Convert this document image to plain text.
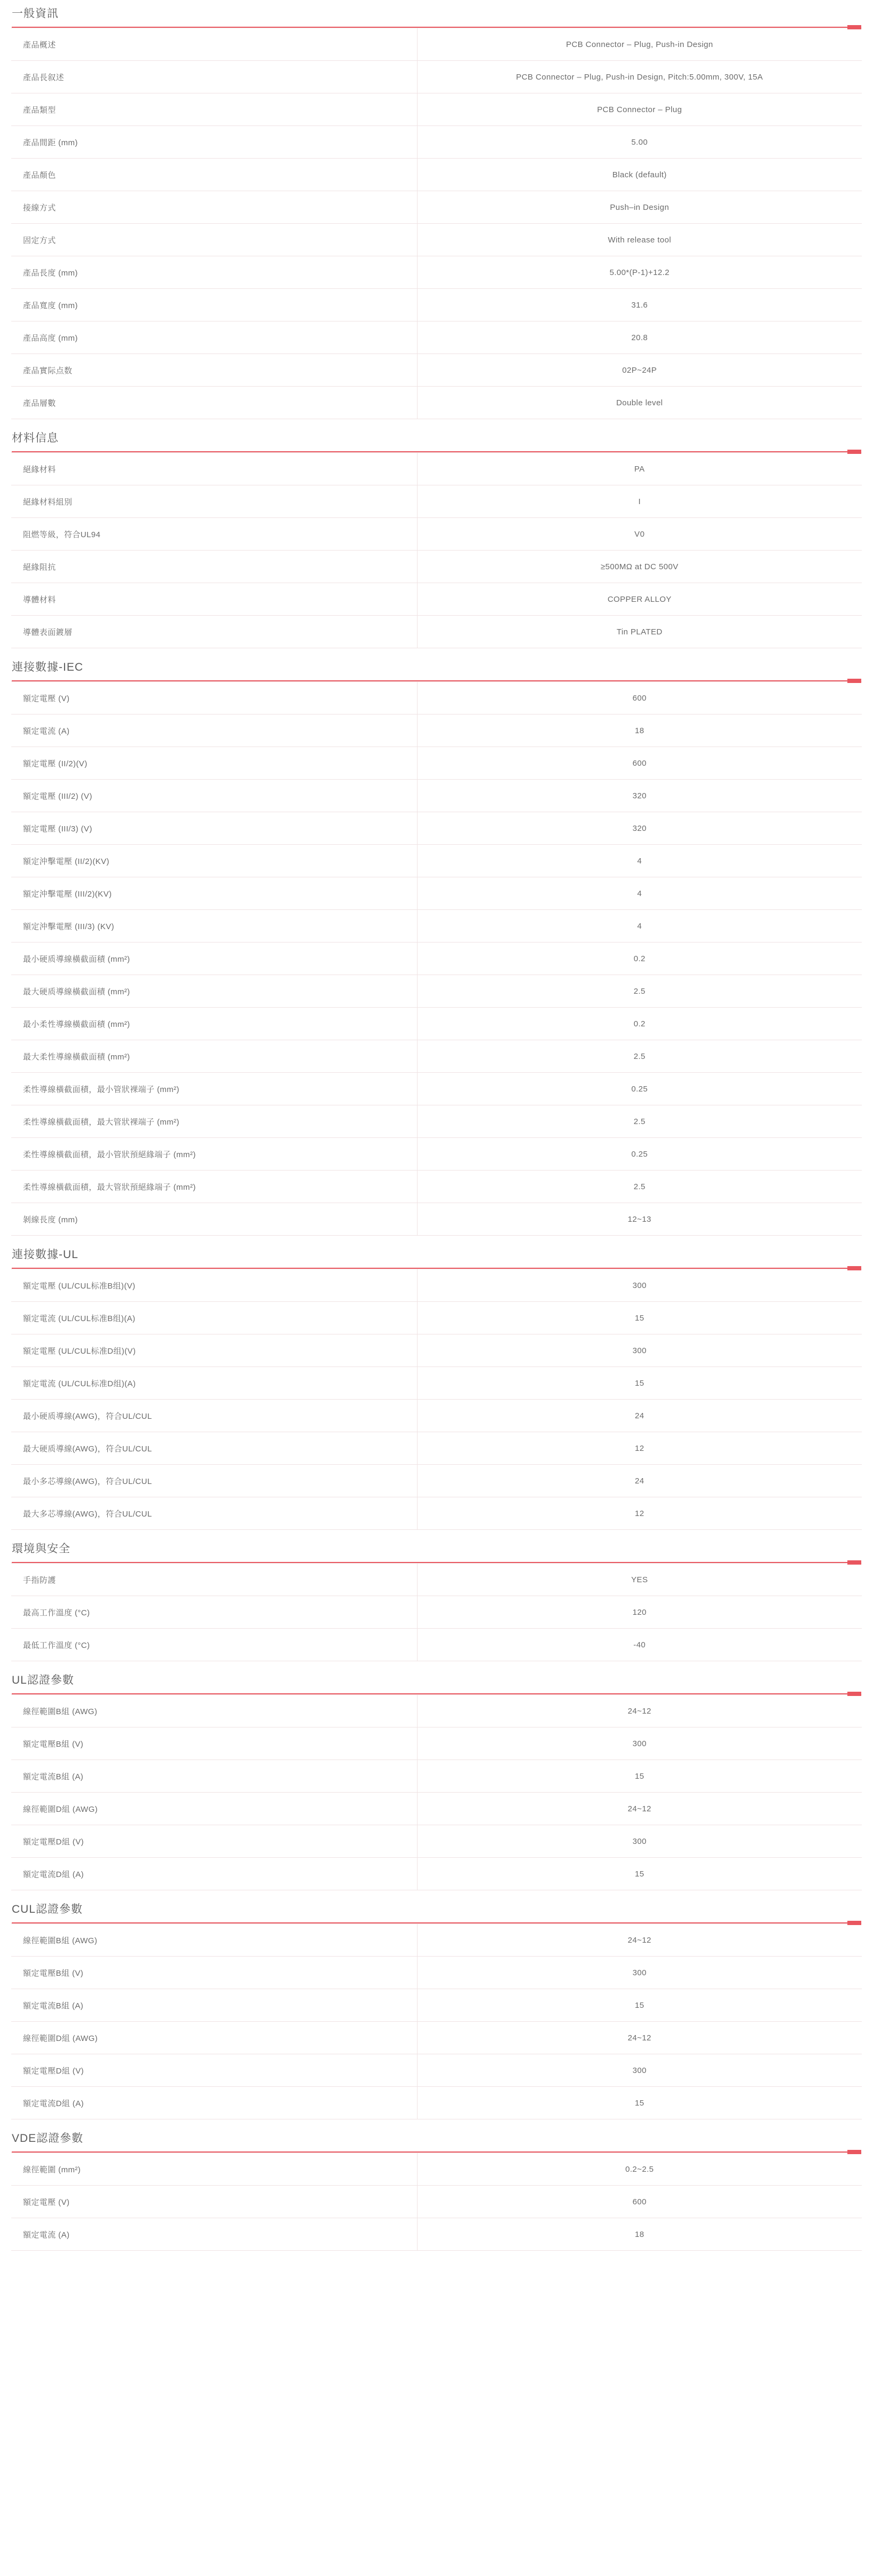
一般資訊
產品概述	PCB Connector – Plug, Push-in Design
產品長叙述	PCB Connector – Plug, Push-in Design, Pitch:5.00mm, 300V, 15A
產品類型	PCB Connector – Plug
產品間距 (mm)	5.00
產品顏色	Black (default)
接線方式	Push–in Design
固定方式	With release tool
產品長度 (mm)	5.00*(P-1)+12.2
產品寬度 (mm)	31.6
產品高度 (mm)	20.8
產品實际点数	02P~24P
產品層數	Double level
材料信息
絕緣材料	PA
絕緣材料組別	I
阻燃等級，符合UL94	V0
絕緣阻抗	≥500MΩ at DC 500V
導體材料	COPPER ALLOY
導體表面鍍層	Tin PLATED
連接數據-IEC
額定電壓 (V)	600
額定電流 (A)	18
額定電壓 (II/2)(V)	600
額定電壓 (III/2) (V)	320
額定電壓 (III/3) (V)	320
額定沖擊電壓 (II/2)(KV)	4
額定沖擊電壓 (III/2)(KV)	4
額定沖擊電壓 (III/3) (KV)	4
最小硬质導線橫截面積 (mm²)	0.2
最大硬质導線橫截面積 (mm²)	2.5
最小柔性導線橫截面積 (mm²)	0.2
最大柔性導線橫截面積 (mm²)	2.5
柔性導線橫截面積，最小管狀裸端子 (mm²)	0.25
柔性導線橫截面積，最大管狀裸端子 (mm²)	2.5
柔性導線橫截面積，最小管狀預絕緣端子 (mm²)	0.25
柔性導線橫截面積，最大管狀預絕緣端子 (mm²)	2.5
剝線長度 (mm)	12~13
連接數據-UL
額定電壓 (UL/CUL标准B组)(V)	300
額定電流 (UL/CUL标准B组)(A)	15
額定電壓 (UL/CUL标准D组)(V)	300
額定電流 (UL/CUL标准D组)(A)	15
最小硬质導線(AWG)，符合UL/CUL	24
最大硬质導線(AWG)，符合UL/CUL	12
最小多芯導線(AWG)，符合UL/CUL	24
最大多芯導線(AWG)，符合UL/CUL	12
環境與安全
手指防護	YES
最高工作溫度 (°C)	120
最低工作溫度 (°C)	-40
UL認證參數
線徑範圍B組 (AWG)	24~12
額定電壓B組 (V)	300
額定電流B組 (A)	15
線徑範圍D組 (AWG)	24~12
額定電壓D組 (V)	300
額定電流D組 (A)	15
CUL認證參數
線徑範圍B組 (AWG)	24~12
額定電壓B組 (V)	300
額定電流B組 (A)	15
線徑範圍D組 (AWG)	24~12
額定電壓D組 (V)	300
額定電流D組 (A)	15
VDE認證參數
線徑範圍 (mm²)	0.2~2.5
額定電壓 (V)	600
額定電流 (A)	18
